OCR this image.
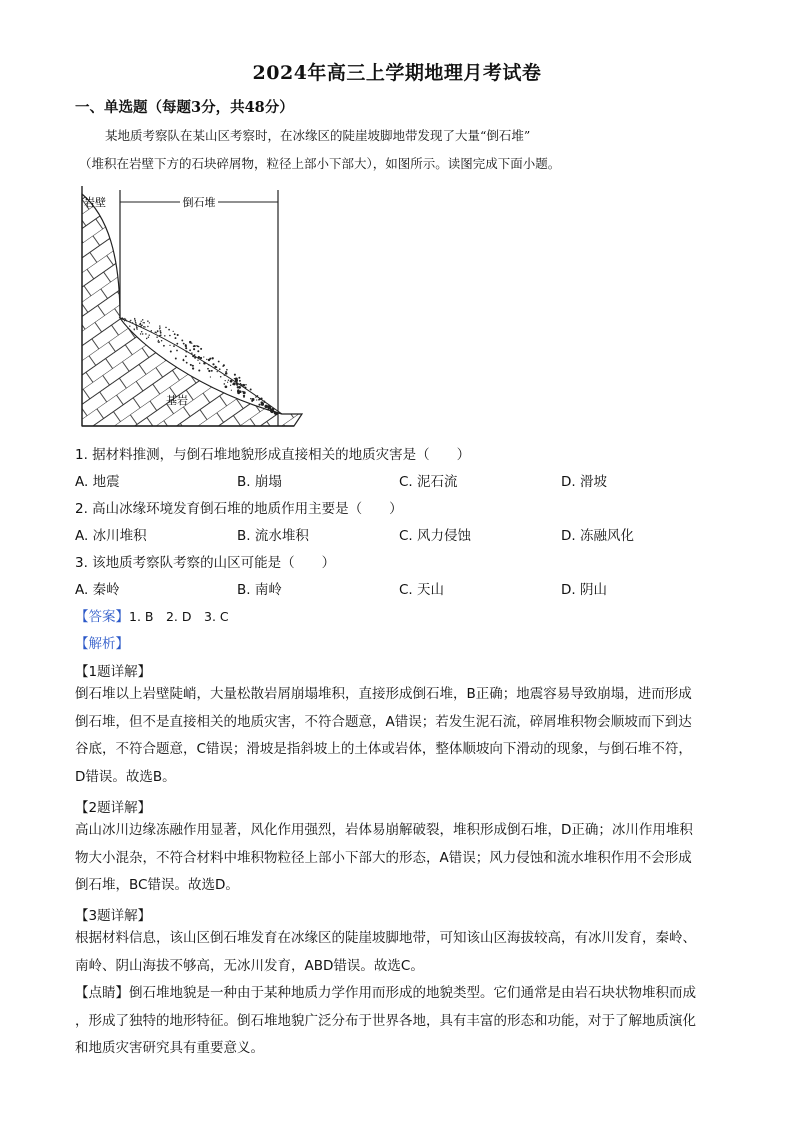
2024年高三上学期地理月考试卷
一、单选题（每题3分，共48分）
某地质考察队在某山区考察时，在冰缘区的陡崖坡脚地带发现了大量“倒石堆”
（堆积在岩壁下方的石块碎屑物，粒径上部小下部大），如图所示。读图完成下面小题。
倒石堆
岩壁
基岩
1. 据材料推测，与倒石堆地貌形成直接相关的地质灾害是（　　）
A. 地震	B. 崩塌	C. 泥石流	D. 滑坡
2. 高山冰缘环境发育倒石堆的地质作用主要是（　　）
A. 冰川堆积	B. 流水堆积	C. 风力侵蚀	D. 冻融风化
3. 该地质考察队考察的山区可能是（　　）
A. 秦岭	B. 南岭	C. 天山	D. 阴山
【答案】1. B　2. D　3. C
【解析】
【1题详解】
倒石堆以上岩壁陡峭，大量松散岩屑崩塌堆积，直接形成倒石堆，B正确；地震容易导致崩塌，进而形成
倒石堆，但不是直接相关的地质灾害，不符合题意，A错误；若发生泥石流，碎屑堆积物会顺坡而下到达
谷底，不符合题意，C错误；滑坡是指斜坡上的土体或岩体，整体顺坡向下滑动的现象，与倒石堆不符，
D错误。故选B。
【2题详解】
高山冰川边缘冻融作用显著，风化作用强烈，岩体易崩解破裂，堆积形成倒石堆，D正确；冰川作用堆积
物大小混杂，不符合材料中堆积物粒径上部小下部大的形态，A错误；风力侵蚀和流水堆积作用不会形成
倒石堆，BC错误。故选D。
【3题详解】
根据材料信息，该山区倒石堆发育在冰缘区的陡崖坡脚地带，可知该山区海拔较高，有冰川发育，秦岭、
南岭、阴山海拔不够高，无冰川发育，ABD错误。故选C。
【点睛】倒石堆地貌是一种由于某种地质力学作用而形成的地貌类型。它们通常是由岩石块状物堆积而成
，形成了独特的地形特征。倒石堆地貌广泛分布于世界各地，具有丰富的形态和功能，对于了解地质演化
和地质灾害研究具有重要意义。
